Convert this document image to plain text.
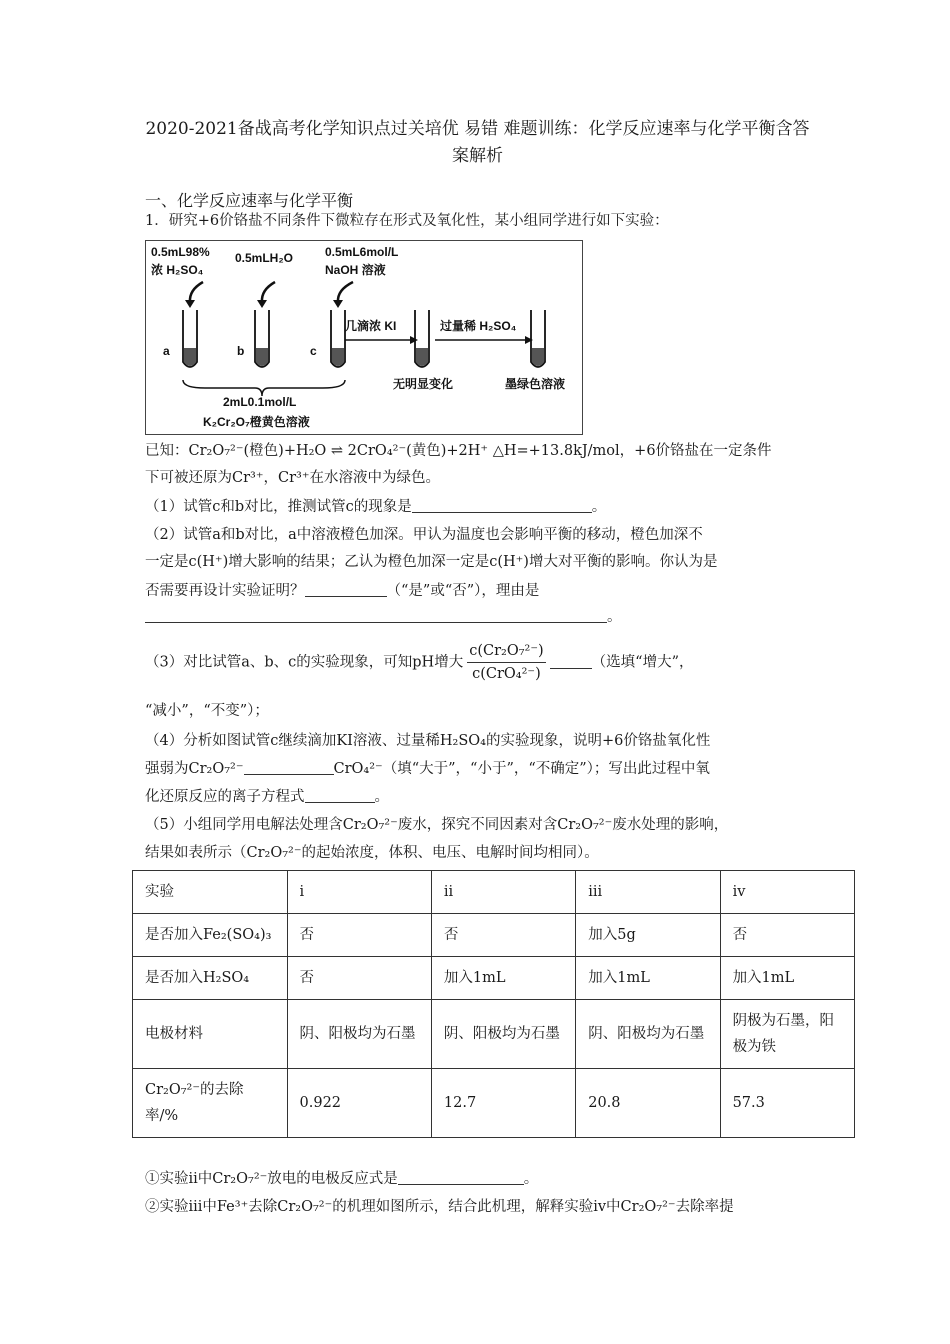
2020-2021备战高考化学知识点过关培优 易错 难题训练：化学反应速率与化学平衡含答案解析
一、化学反应速率与化学平衡
1．研究+6价铬盐不同条件下微粒存在形式及氧化性，某小组同学进行如下实验：
0.5mL98%
浓 H₂SO₄
0.5mLH₂O	0.5mL6mol/L
NaOH 溶液
a	b	c
几滴浓 KI	过量稀 H₂SO₄
无明显变化	墨绿色溶液
2mL0.1mol/L
K₂Cr₂O₇橙黄色溶液
已知：Cr₂O₇²⁻(橙色)+H₂O ⇌ 2CrO₄²⁻(黄色)+2H⁺ △H=+13.8kJ/mol，+6价铬盐在一定条件
下可被还原为Cr³⁺，Cr³⁺在水溶液中为绿色。
（1）试管c和b对比，推测试管c的现象是	。
（2）试管a和b对比，a中溶液橙色加深。甲认为温度也会影响平衡的移动，橙色加深不
一定是c(H⁺)增大影响的结果；乙认为橙色加深一定是c(H⁺)增大对平衡的影响。你认为是
否需要再设计实验证明？	（“是”或“否”），理由是
。
（3）对比试管a、b、c的实验现象，可知pH增大 $\frac{\text{c(Cr₂O₇²⁻)}}{\text{c(CrO₄²⁻)}}$	（选填“增大”，
“减小”，“不变”）；
（4）分析如图试管c继续滴加KI溶液、过量稀H₂SO₄的实验现象，说明+6价铬盐氧化性
强弱为Cr₂O₇²⁻	CrO₄²⁻（填“大于”，“小于”，“不确定”）；写出此过程中氧
化还原反应的离子方程式	。
（5）小组同学用电解法处理含Cr₂O₇²⁻废水，探究不同因素对含Cr₂O₇²⁻废水处理的影响，
结果如表所示（Cr₂O₇²⁻的起始浓度，体积、电压、电解时间均相同）。
实验	i	ii	iii	iv
是否加入Fe₂(SO₄)₃	否	否	加入5g	否
是否加入H₂SO₄	否	加入1mL	加入1mL	加入1mL
电极材料	阴、阳极均为石墨	阴、阳极均为石墨	阴、阳极均为石墨	阴极为石墨，阳极为铁
Cr₂O₇²⁻的去除率/%	0.922	12.7	20.8	57.3
①实验ii中Cr₂O₇²⁻放电的电极反应式是	。
②实验iii中Fe³⁺去除Cr₂O₇²⁻的机理如图所示，结合此机理，解释实验iv中Cr₂O₇²⁻去除率提
